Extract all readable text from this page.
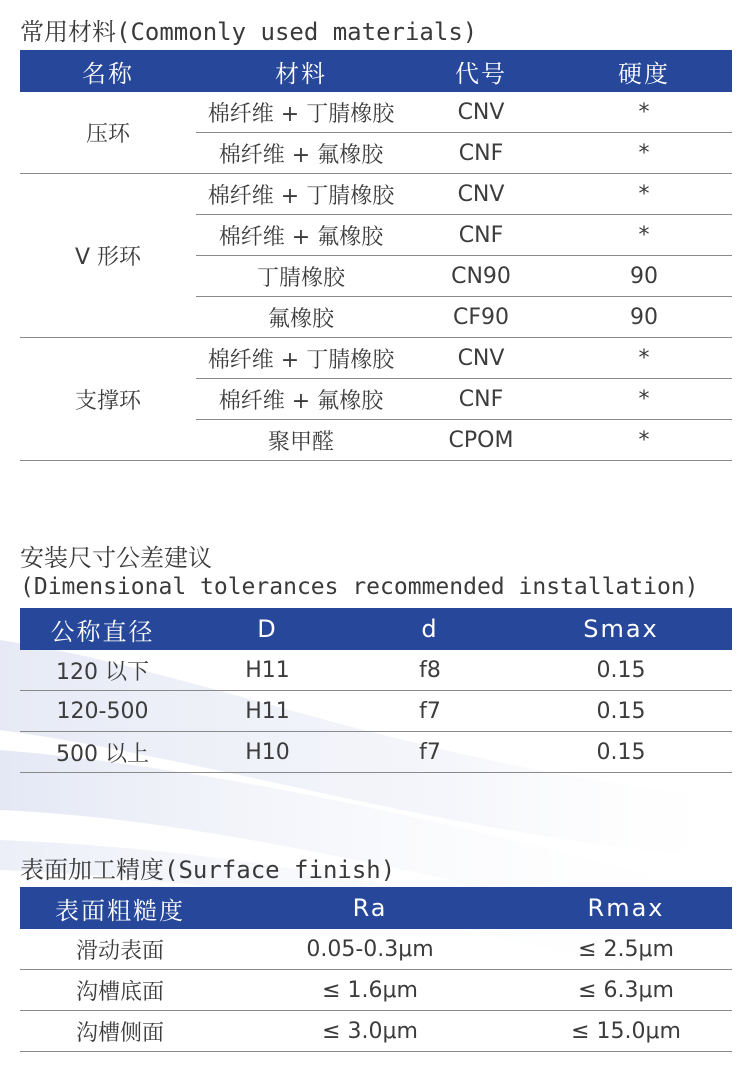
常用材料(Commonly used materials)
名称	材料	代号	硬度
压环	棉纤维 + 丁腈橡胶	CNV	*
	棉纤维 + 氟橡胶	CNF	*
V 形环	棉纤维 + 丁腈橡胶	CNV	*
	棉纤维 + 氟橡胶	CNF	*
	丁腈橡胶	CN90	90
	氟橡胶	CF90	90
支撑环	棉纤维 + 丁腈橡胶	CNV	*
	棉纤维 + 氟橡胶	CNF	*
	聚甲醛	CPOM	*
安装尺寸公差建议
(Dimensional tolerances recommended installation)
公称直径	D	d	Smax
120 以下	H11	f8	0.15
120-500	H11	f7	0.15
500 以上	H10	f7	0.15
表面加工精度(Surface finish)
表面粗糙度	Ra	Rmax
滑动表面	0.05-0.3μm	≤ 2.5μm
沟槽底面	≤ 1.6μm	≤ 6.3μm
沟槽侧面	≤ 3.0μm	≤ 15.0μm
